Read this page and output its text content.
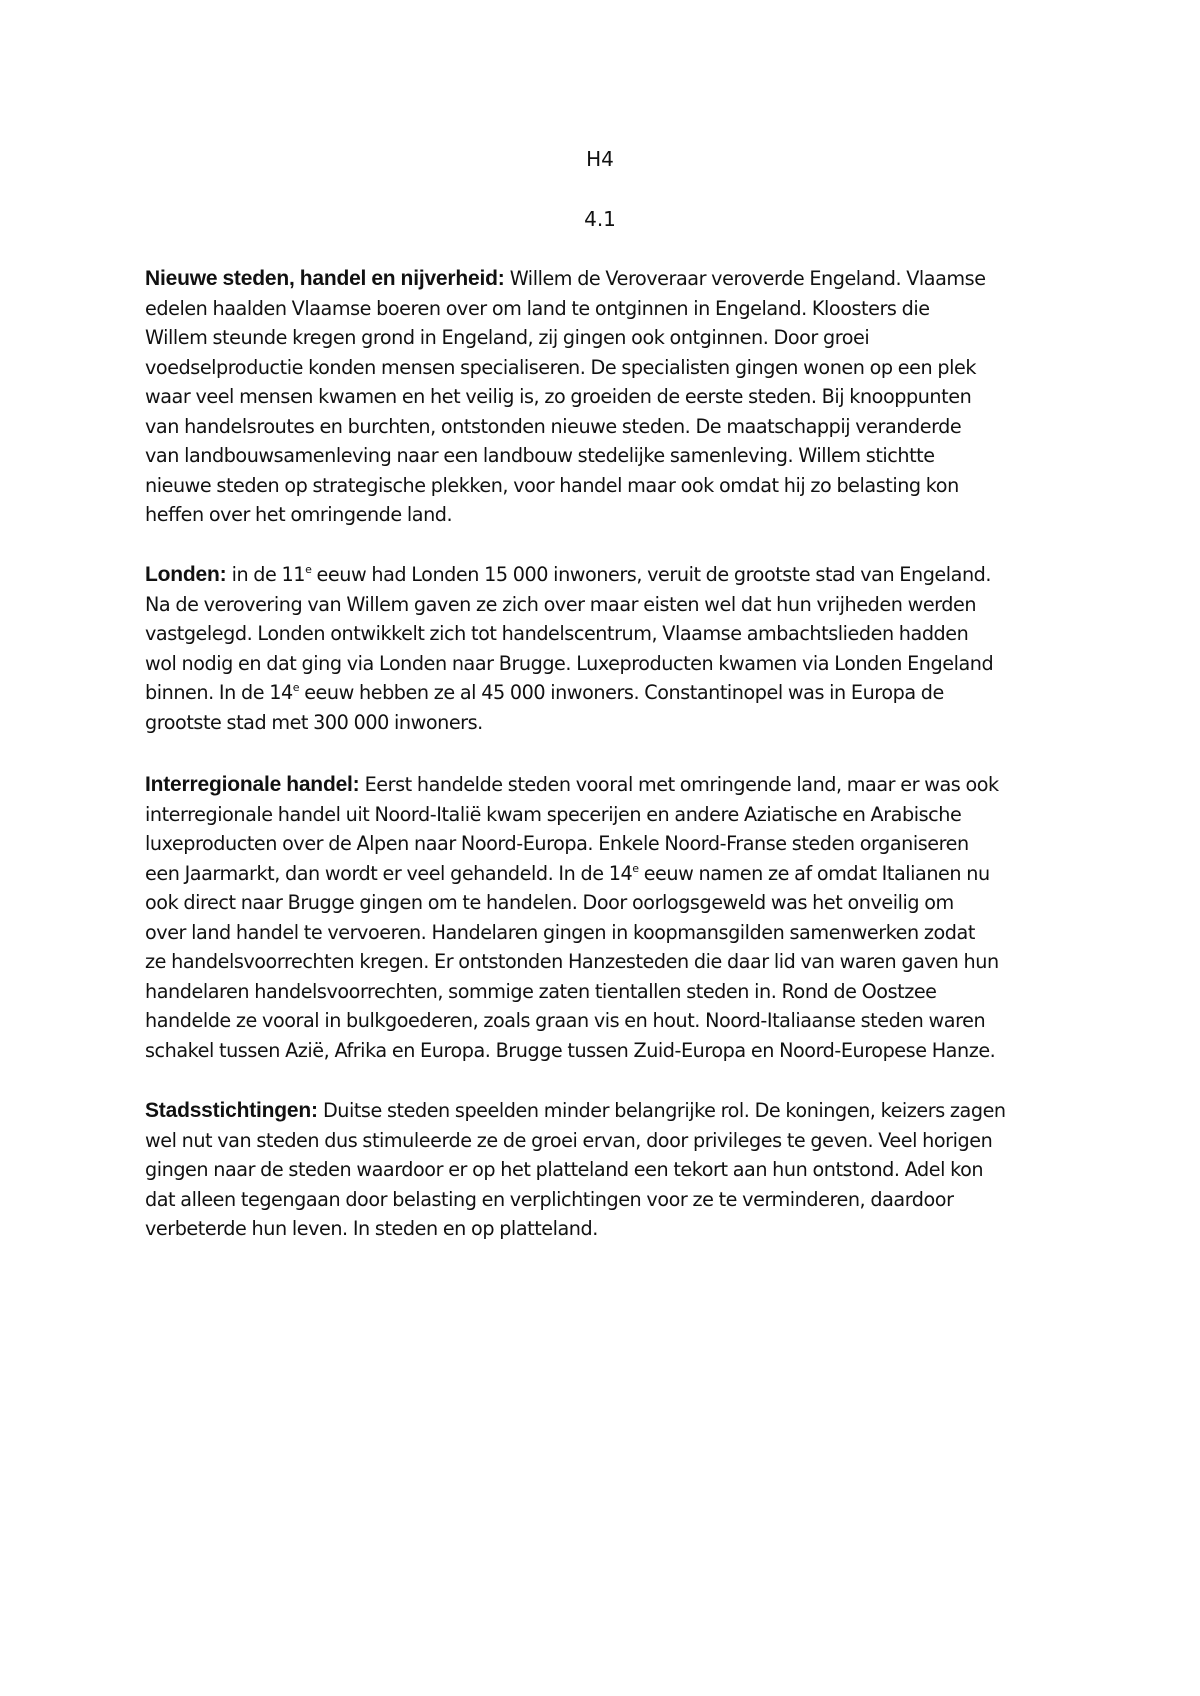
H4
4.1
Nieuwe steden, handel en nijverheid: Willem de Veroveraar veroverde Engeland. Vlaamse
edelen haalden Vlaamse boeren over om land te ontginnen in Engeland. Kloosters die
Willem steunde kregen grond in Engeland, zij gingen ook ontginnen. Door groei
voedselproductie konden mensen specialiseren. De specialisten gingen wonen op een plek
waar veel mensen kwamen en het veilig is, zo groeiden de eerste steden. Bij knooppunten
van handelsroutes en burchten, ontstonden nieuwe steden. De maatschappij veranderde
van landbouwsamenleving naar een landbouw stedelijke samenleving. Willem stichtte
nieuwe steden op strategische plekken, voor handel maar ook omdat hij zo belasting kon
heffen over het omringende land.
Londen: in de 11e eeuw had Londen 15 000 inwoners, veruit de grootste stad van Engeland.
Na de verovering van Willem gaven ze zich over maar eisten wel dat hun vrijheden werden
vastgelegd. Londen ontwikkelt zich tot handelscentrum, Vlaamse ambachtslieden hadden
wol nodig en dat ging via Londen naar Brugge. Luxeproducten kwamen via Londen Engeland
binnen. In de 14e eeuw hebben ze al 45 000 inwoners. Constantinopel was in Europa de
grootste stad met 300 000 inwoners.
Interregionale handel: Eerst handelde steden vooral met omringende land, maar er was ook
interregionale handel uit Noord-Italië kwam specerijen en andere Aziatische en Arabische
luxeproducten over de Alpen naar Noord-Europa. Enkele Noord-Franse steden organiseren
een Jaarmarkt, dan wordt er veel gehandeld. In de 14e eeuw namen ze af omdat Italianen nu
ook direct naar Brugge gingen om te handelen. Door oorlogsgeweld was het onveilig om
over land handel te vervoeren. Handelaren gingen in koopmansgilden samenwerken zodat
ze handelsvoorrechten kregen. Er ontstonden Hanzesteden die daar lid van waren gaven hun
handelaren handelsvoorrechten, sommige zaten tientallen steden in. Rond de Oostzee
handelde ze vooral in bulkgoederen, zoals graan vis en hout. Noord-Italiaanse steden waren
schakel tussen Azië, Afrika en Europa. Brugge tussen Zuid-Europa en Noord-Europese Hanze.
Stadsstichtingen: Duitse steden speelden minder belangrijke rol. De koningen, keizers zagen
wel nut van steden dus stimuleerde ze de groei ervan, door privileges te geven. Veel horigen
gingen naar de steden waardoor er op het platteland een tekort aan hun ontstond. Adel kon
dat alleen tegengaan door belasting en verplichtingen voor ze te verminderen, daardoor
verbeterde hun leven. In steden en op platteland.
